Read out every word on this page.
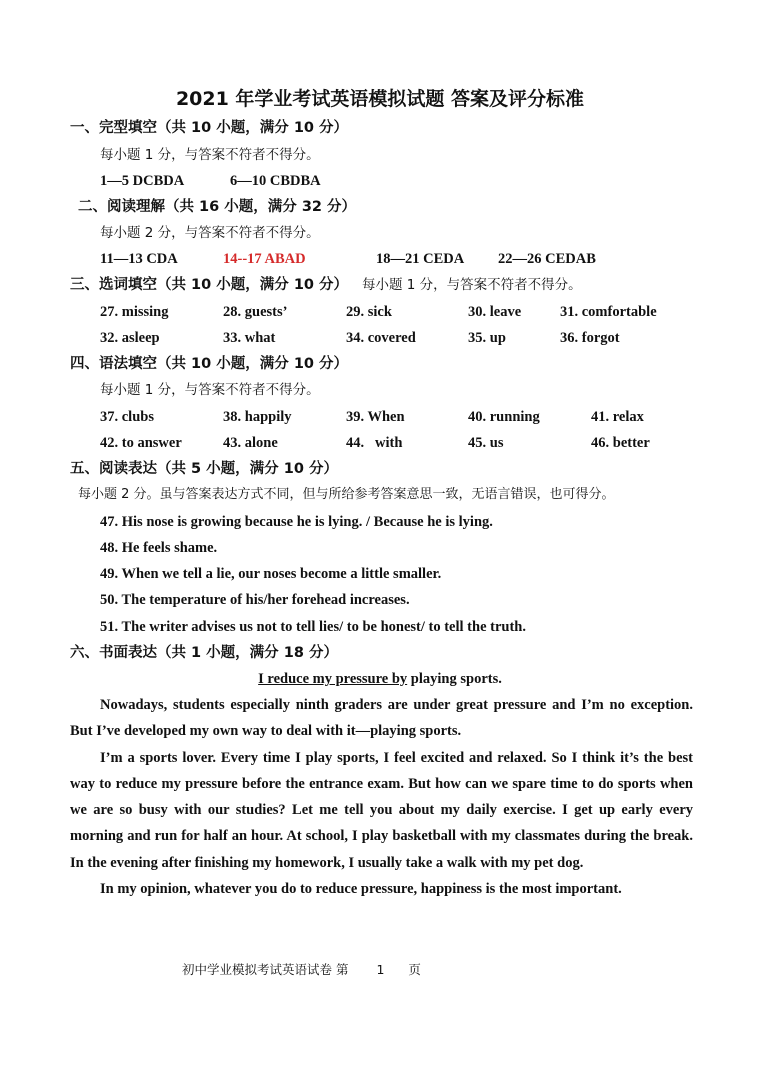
2021 年学业考试英语模拟试题 答案及评分标准
一、完型填空（共 10 小题，满分 10 分）
每小题 1 分，与答案不符者不得分。
1—5 DCBDA	6—10 CBDBA
二、阅读理解（共 16 小题，满分 32 分）
每小题 2 分，与答案不符者不得分。
11—13 CDA	14--17 ABAD	18—21 CEDA 22—26 CEDAB
三、选词填空（共 10 小题，满分 10 分） 每小题 1 分，与答案不符者不得分。
27. missing	28. guests’	29. sick	30. leave	31. comfortable
32. asleep	33. what	34. covered	35. up	36. forgot
四、语法填空（共 10 小题，满分 10 分）
每小题 1 分，与答案不符者不得分。
37. clubs	38. happily	39. When	40. running	41. relax
42. to answer	43. alone	44.   with	45. us	46. better
五、阅读表达（共 5 小题，满分 10 分）
每小题 2 分。虽与答案表达方式不同，但与所给参考答案意思一致，无语言错误，也可得分。
47. His nose is growing because he is lying. / Because he is lying.
48. He feels shame.
49. When we tell a lie, our noses become a little smaller.
50. The temperature of his/her forehead increases.
51. The writer advises us not to tell lies/ to be honest/ to tell the truth.
六、书面表达（共 1 小题，满分 18 分）
I reduce my pressure by playing sports.

Nowadays, students especially ninth graders are under great pressure and I’m no exception. But I’ve developed my own way to deal with it—playing sports.

I’m a sports lover. Every time I play sports, I feel excited and relaxed. So I think it’s the best way to reduce my pressure before the entrance exam. But how can we spare time to do sports when we are so busy with our studies? Let me tell you about my daily exercise. I get up early every morning and run for half an hour. At school, I play basketball with my classmates during the break. In the evening after finishing my homework, I usually take a walk with my pet dog.

In my opinion, whatever you do to reduce pressure, happiness is the most important.

初中学业模拟考试英语试卷 第 1 页
